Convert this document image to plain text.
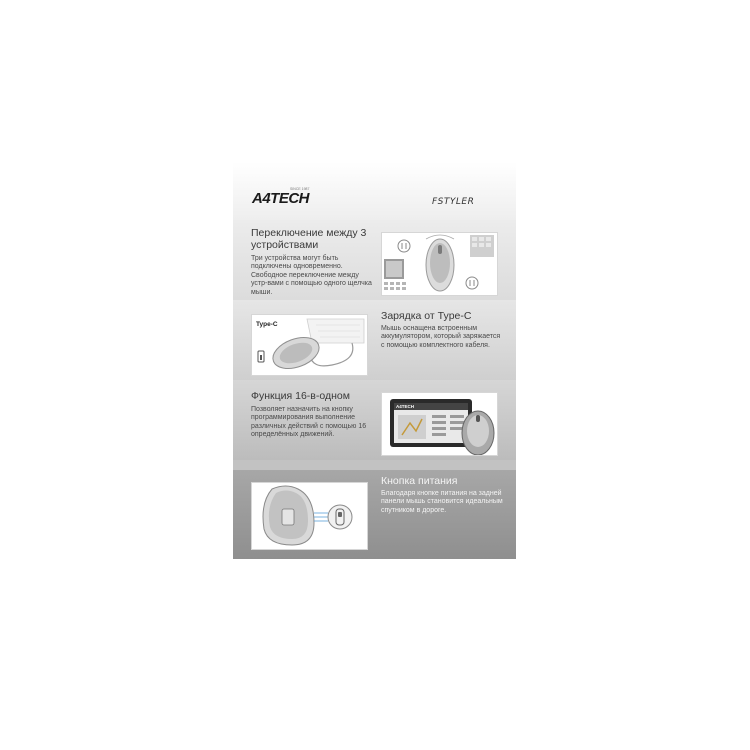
A4TECH
SINCE 1987
FSTYLER
Переключение между 3 устройствами
Три устройства могут быть подключены одновременно. Свободное переключение между устр-вами с помощью одного щелчка мыши.
Type-C
Зарядка от Type-C
Мышь оснащена встроенным аккумулятором, который заряжается с помощью комплектного кабеля.
Функция 16-в-одном
Позволяет назначить на кнопку программирования выполнение различных действий с помощью 16 определённых движений.
A4TECH
Кнопка питания
Благодаря кнопке питания на задней панели мышь становится идеальным спутником в дороге.
